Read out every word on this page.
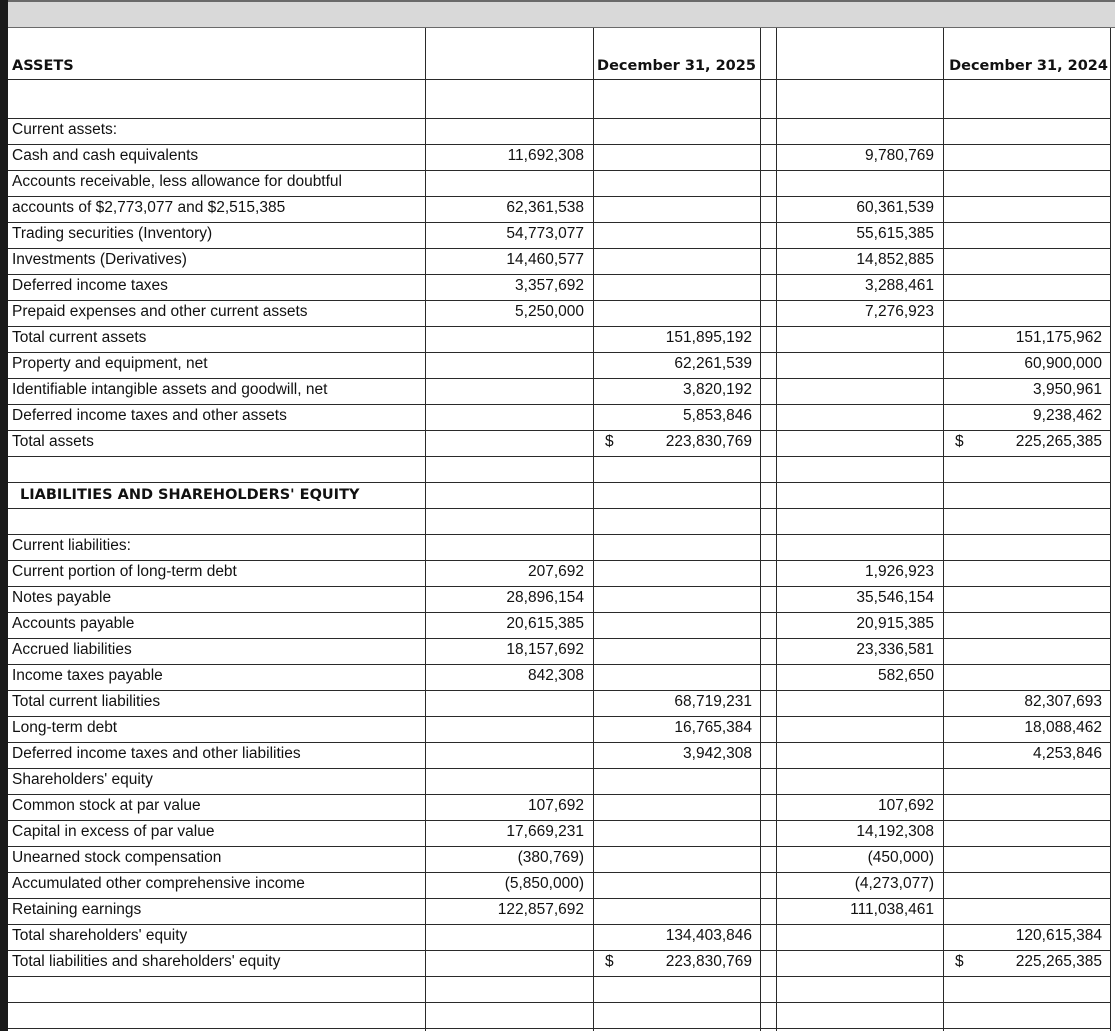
ASSETS	December 31, 2025	December 31, 2024
Current assets:
Cash and cash equivalents	11,692,308	9,780,769
Accounts receivable, less allowance for doubtful
accounts of $2,773,077 and $2,515,385	62,361,538	60,361,539
Trading securities (Inventory)	54,773,077	55,615,385
Investments (Derivatives)	14,460,577	14,852,885
Deferred income taxes	3,357,692	3,288,461
Prepaid expenses and other current assets	5,250,000	7,276,923
Total current assets	151,895,192	151,175,962
Property and equipment, net	62,261,539	60,900,000
Identifiable intangible assets and goodwill, net	3,820,192	3,950,961
Deferred income taxes and other assets	5,853,846	9,238,462
Total assets	$	223,830,769	$	225,265,385
LIABILITIES AND SHAREHOLDERS' EQUITY
Current liabilities:
Current portion of long-term debt	207,692	1,926,923
Notes payable	28,896,154	35,546,154
Accounts payable	20,615,385	20,915,385
Accrued liabilities	18,157,692	23,336,581
Income taxes payable	842,308	582,650
Total current liabilities	68,719,231	82,307,693
Long-term debt	16,765,384	18,088,462
Deferred income taxes and other liabilities	3,942,308	4,253,846
Shareholders' equity
Common stock at par value	107,692	107,692
Capital in excess of par value	17,669,231	14,192,308
Unearned stock compensation	(380,769)	(450,000)
Accumulated other comprehensive income	(5,850,000)	(4,273,077)
Retaining earnings	122,857,692	111,038,461
Total shareholders' equity	134,403,846	120,615,384
Total liabilities and shareholders' equity	$	223,830,769	$	225,265,385
